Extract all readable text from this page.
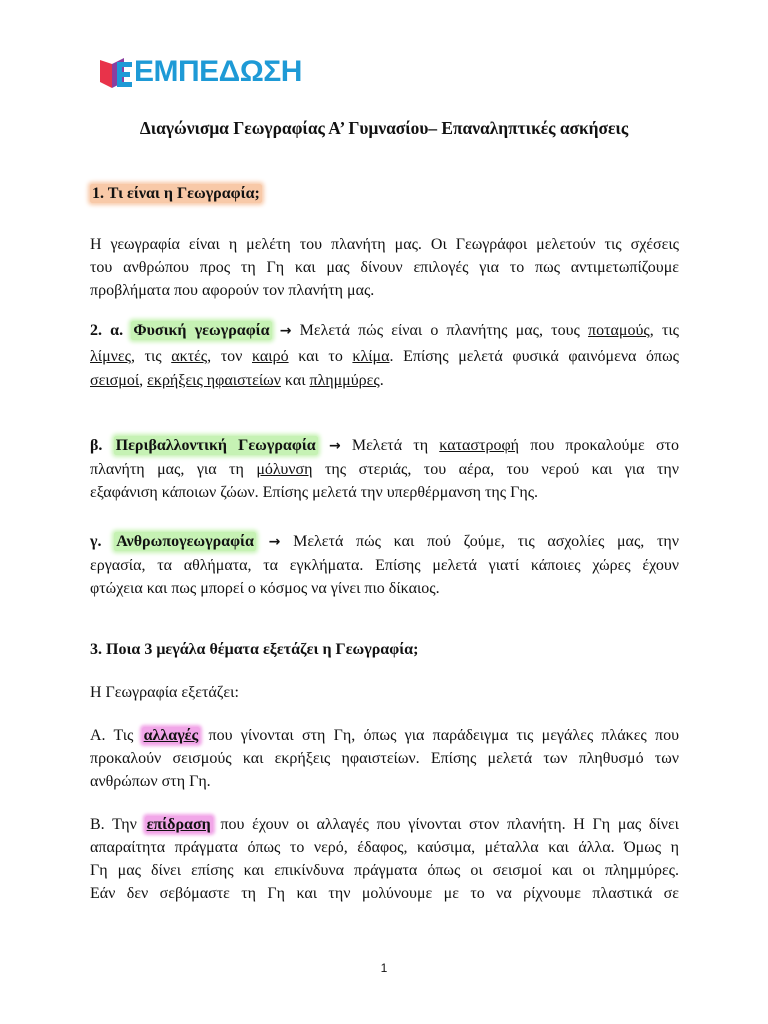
ΕΜΠΕΔΩΣΗ
Διαγώνισμα Γεωγραφίας Α’ Γυμνασίου– Επαναληπτικές ασκήσεις
1. Τι είναι η Γεωγραφία;
Η γεωγραφία είναι η μελέτη του πλανήτη μας. Οι Γεωγράφοι μελετούν τις σχέσεις
του ανθρώπου προς τη Γη και μας δίνουν επιλογές για το πως αντιμετωπίζουμε
προβλήματα που αφορούν τον πλανήτη μας.
2. α. Φυσική γεωγραφία → Μελετά πώς είναι ο πλανήτης μας, τους ποταμούς, τις
λίμνες, τις ακτές, τον καιρό και το κλίμα. Επίσης μελετά φυσικά φαινόμενα όπως
σεισμοί, εκρήξεις ηφαιστείων και πλημμύρες.
β. Περιβαλλοντική Γεωγραφία → Μελετά τη καταστροφή που προκαλούμε στο
πλανήτη μας, για τη μόλυνση της στεριάς, του αέρα, του νερού και για την
εξαφάνιση κάποιων ζώων. Επίσης μελετά την υπερθέρμανση της Γης.
γ. Ανθρωπογεωγραφία → Μελετά πώς και πού ζούμε, τις ασχολίες μας, την
εργασία, τα αθλήματα, τα εγκλήματα. Επίσης μελετά γιατί κάποιες χώρες έχουν
φτώχεια και πως μπορεί ο κόσμος να γίνει πιο δίκαιος.
3. Ποια 3 μεγάλα θέματα εξετάζει η Γεωγραφία;
Η Γεωγραφία εξετάζει:
Α. Τις αλλαγές που γίνονται στη Γη, όπως για παράδειγμα τις μεγάλες πλάκες που
προκαλούν σεισμούς και εκρήξεις ηφαιστείων. Επίσης μελετά των πληθυσμό των
ανθρώπων στη Γη.
Β. Την επίδραση που έχουν οι αλλαγές που γίνονται στον πλανήτη. Η Γη μας δίνει
απαραίτητα πράγματα όπως το νερό, έδαφος, καύσιμα, μέταλλα και άλλα. Όμως η
Γη μας δίνει επίσης και επικίνδυνα πράγματα όπως οι σεισμοί και οι πλημμύρες.
Εάν δεν σεβόμαστε τη Γη και την μολύνουμε με το να ρίχνουμε πλαστικά σε
1
